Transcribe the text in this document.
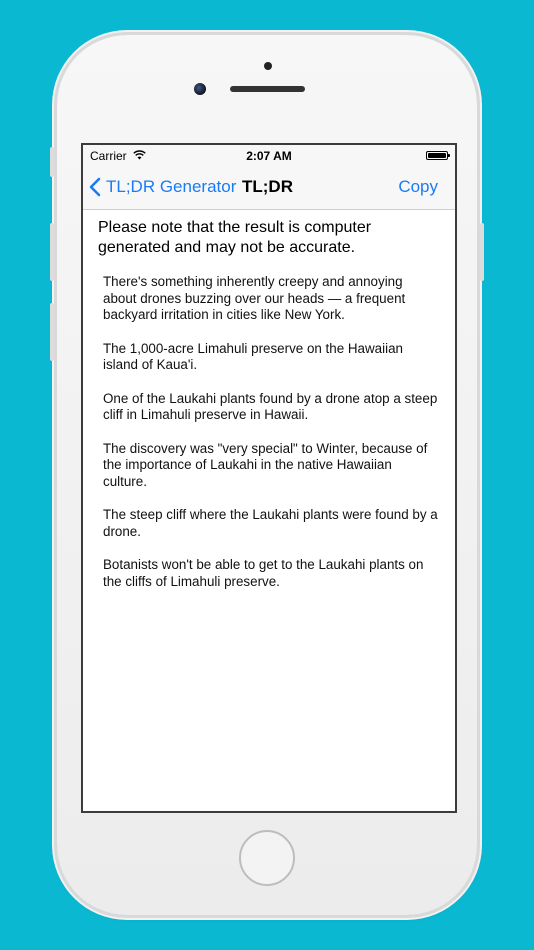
Carrier	2:07 AM
TL;DR Generator TL;DR	Copy
Please note that the result is computer generated and may not be accurate.

There's something inherently creepy and annoying about drones buzzing over our heads — a frequent backyard irritation in cities like New York.

The 1,000-acre Limahuli preserve on the Hawaiian island of Kaua'i.

One of the Laukahi plants found by a drone atop a steep cliff in Limahuli preserve in Hawaii.

The discovery was "very special" to Winter, because of the importance of Laukahi in the native Hawaiian culture.

The steep cliff where the Laukahi plants were found by a drone.

Botanists won't be able to get to the Laukahi plants on the cliffs of Limahuli preserve.
